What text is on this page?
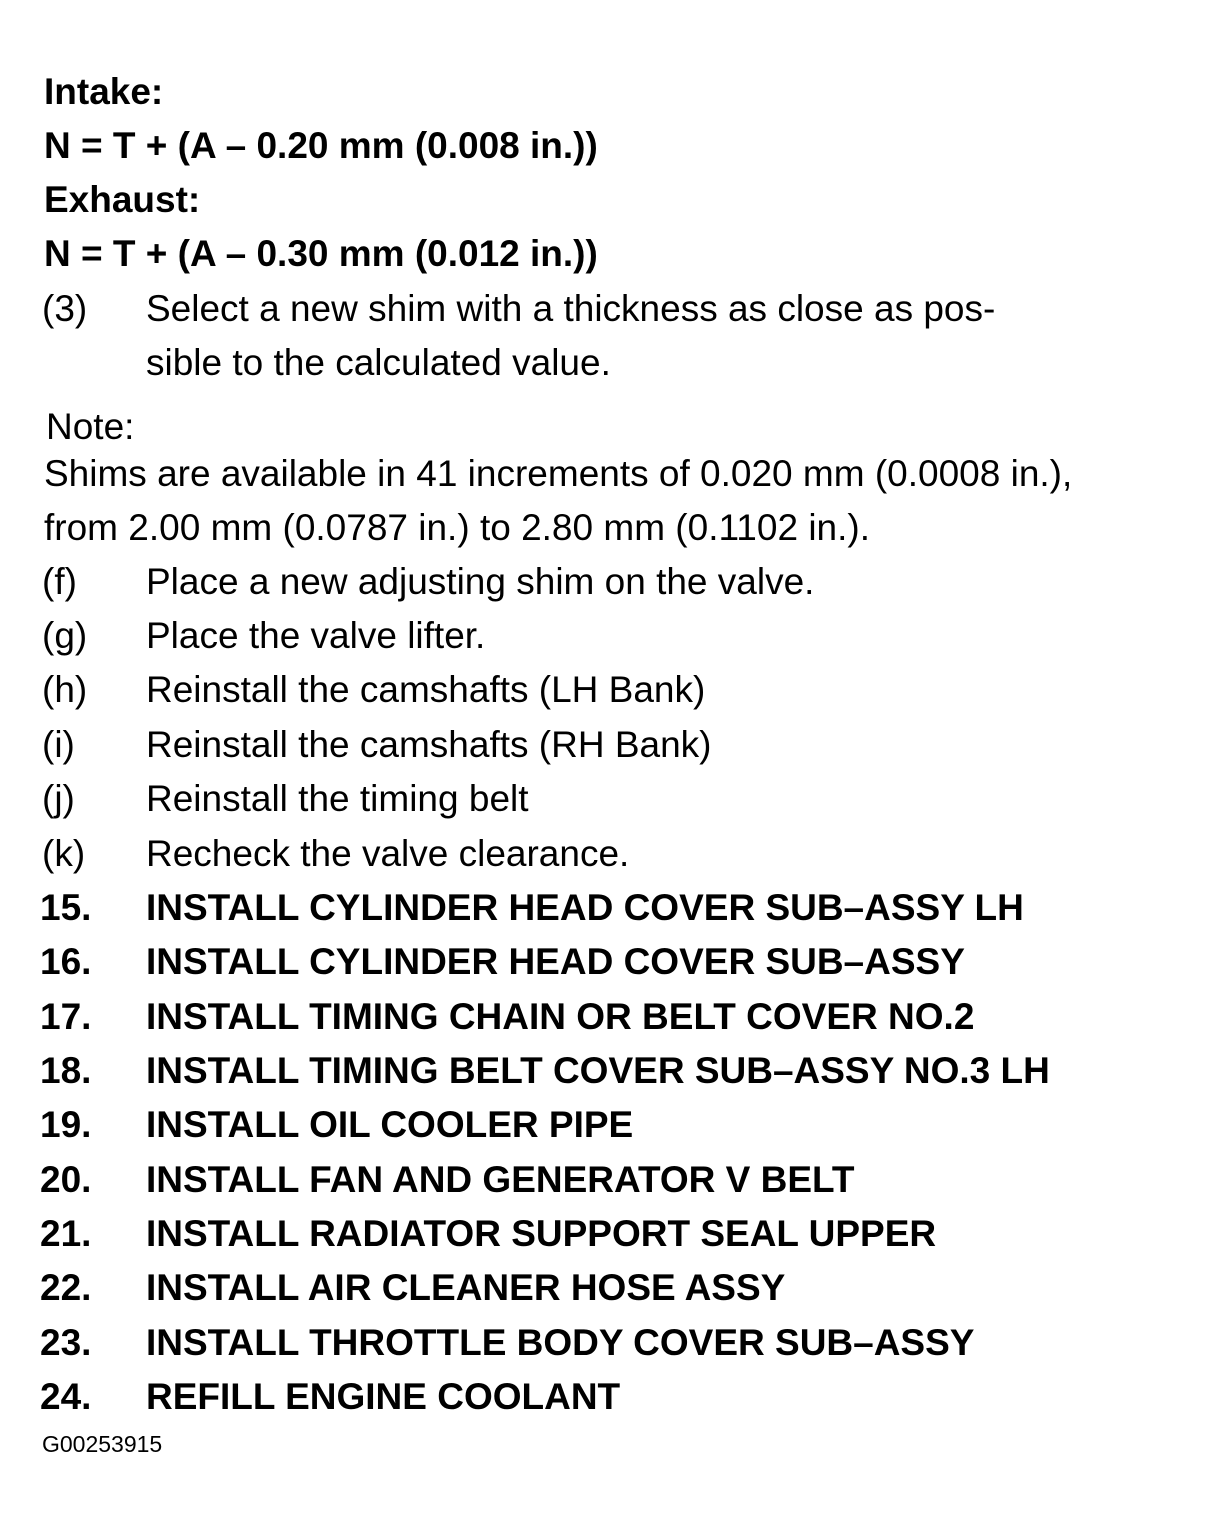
Intake:
N = T + (A – 0.20 mm (0.008 in.))
Exhaust:
N = T + (A – 0.30 mm (0.012 in.))
(3) Select a new shim with a thickness as close as pos-
sible to the calculated value.
Note:
Shims are available in 41 increments of 0.020 mm (0.0008 in.),
from 2.00 mm (0.0787 in.) to 2.80 mm (0.1102 in.).
(f) Place a new adjusting shim on the valve.
(g) Place the valve lifter.
(h) Reinstall the camshafts (LH Bank)
(i) Reinstall the camshafts (RH Bank)
(j) Reinstall the timing belt
(k) Recheck the valve clearance.
15. INSTALL CYLINDER HEAD COVER SUB–ASSY LH
16. INSTALL CYLINDER HEAD COVER SUB–ASSY
17. INSTALL TIMING CHAIN OR BELT COVER NO.2
18. INSTALL TIMING BELT COVER SUB–ASSY NO.3 LH
19. INSTALL OIL COOLER PIPE
20. INSTALL FAN AND GENERATOR V BELT
21. INSTALL RADIATOR SUPPORT SEAL UPPER
22. INSTALL AIR CLEANER HOSE ASSY
23. INSTALL THROTTLE BODY COVER SUB–ASSY
24. REFILL ENGINE COOLANT
G00253915
